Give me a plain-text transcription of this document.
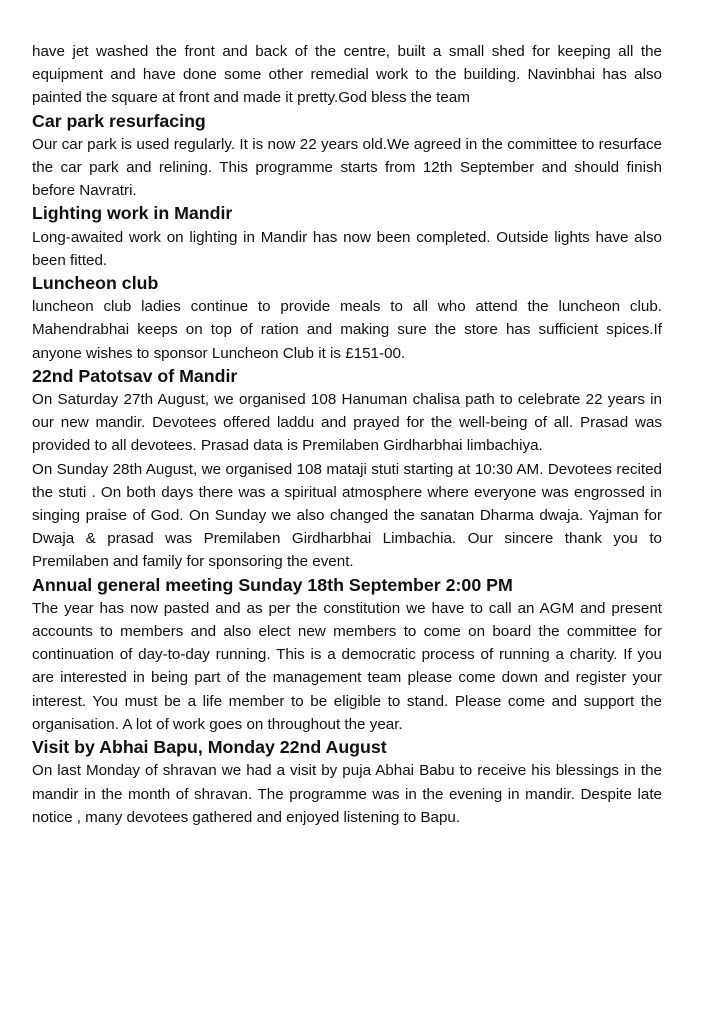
have jet washed the front and back of the centre, built a small shed for keeping all the equipment and have done some other remedial work to the building. Navinbhai has also painted the square at front and made it pretty.God bless the team

Car park resurfacing

Our car park is used regularly. It is now 22 years old.We agreed in the committee to resurface the car park and relining. This programme starts from 12th September and should finish before Navratri.

Lighting work in Mandir

Long-awaited work on lighting in Mandir has now been completed. Outside lights have also been fitted.

Luncheon club

luncheon club ladies continue to provide meals to all who attend the luncheon club. Mahendrabhai keeps on top of ration and making sure the store has sufficient spices.If anyone wishes to sponsor Luncheon Club it is £151-00.

22nd Patotsav of Mandir

On Saturday 27th August, we organised 108 Hanuman chalisa path to celebrate 22 years in our new mandir. Devotees offered laddu and prayed for the well-being of all. Prasad was provided to all devotees. Prasad data is Premilaben Girdharbhai limbachiya.

On Sunday 28th August, we organised 108 mataji stuti starting at 10:30 AM. Devotees recited the stuti . On both days there was a spiritual atmosphere where everyone was engrossed in singing praise of God. On Sunday we also changed the sanatan Dharma dwaja. Yajman for Dwaja & prasad was Premilaben Girdharbhai Limbachia. Our sincere thank you to Premilaben and family for sponsoring the event.

Annual general meeting Sunday 18th September 2:00 PM

The year has now pasted and as per the constitution we have to call an AGM and present accounts to members and also elect new members to come on board the committee for continuation of day-to-day running. This is a democratic process of running a charity. If you are interested in being part of the management team please come down and register your interest. You must be a life member to be eligible to stand. Please come and support the organisation. A lot of work goes on throughout the year.

Visit by Abhai Bapu, Monday 22nd August

On last Monday of shravan we had a visit by puja Abhai Babu to receive his blessings in the mandir in the month of shravan. The programme was in the evening in mandir. Despite late notice , many devotees gathered and enjoyed listening to Bapu.
